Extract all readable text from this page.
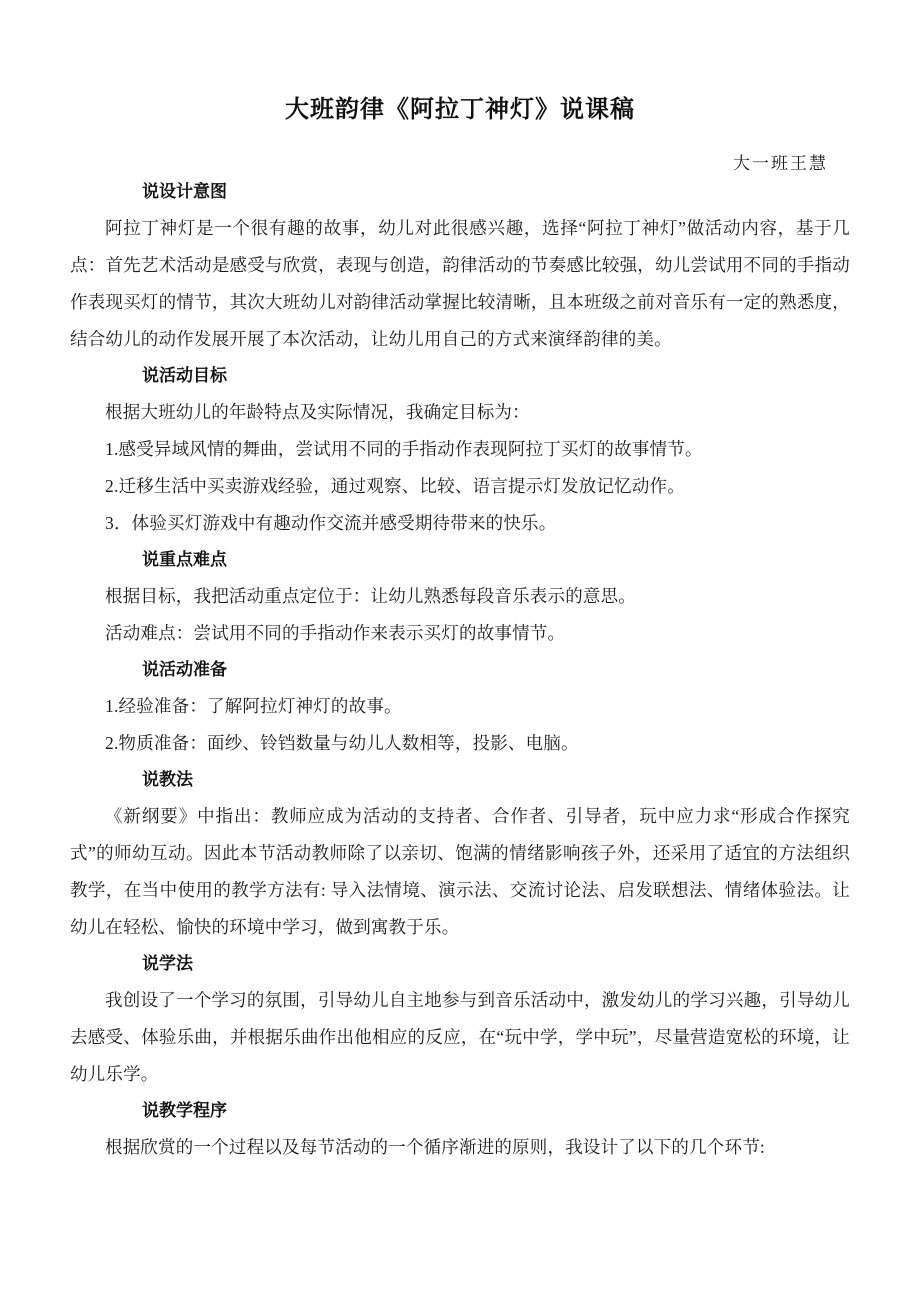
大班韵律《阿拉丁神灯》说课稿

大一班王慧

说设计意图

阿拉丁神灯是一个很有趣的故事，幼儿对此很感兴趣，选择“阿拉丁神灯”做活动内容，基于几点：首先艺术活动是感受与欣赏，表现与创造，韵律活动的节奏感比较强，幼儿尝试用不同的手指动作表现买灯的情节，其次大班幼儿对韵律活动掌握比较清晰，且本班级之前对音乐有一定的熟悉度，结合幼儿的动作发展开展了本次活动，让幼儿用自己的方式来演绎韵律的美。

说活动目标

根据大班幼儿的年龄特点及实际情况，我确定目标为：

1.感受异域风情的舞曲，尝试用不同的手指动作表现阿拉丁买灯的故事情节。

2.迁移生活中买卖游戏经验，通过观察、比较、语言提示灯发放记忆动作。

3．体验买灯游戏中有趣动作交流并感受期待带来的快乐。

说重点难点

根据目标，我把活动重点定位于：让幼儿熟悉每段音乐表示的意思。

活动难点：尝试用不同的手指动作来表示买灯的故事情节。

说活动准备

1.经验准备：了解阿拉灯神灯的故事。

2.物质准备：面纱、铃铛数量与幼儿人数相等，投影、电脑。

说教法

《新纲要》中指出：教师应成为活动的支持者、合作者、引导者，玩中应力求“形成合作探究式”的师幼互动。因此本节活动教师除了以亲切、饱满的情绪影响孩子外，还采用了适宜的方法组织教学，在当中使用的教学方法有: 导入法情境、演示法、交流讨论法、启发联想法、情绪体验法。让幼儿在轻松、愉快的环境中学习，做到寓教于乐。

说学法

我创设了一个学习的氛围，引导幼儿自主地参与到音乐活动中，激发幼儿的学习兴趣，引导幼儿去感受、体验乐曲，并根据乐曲作出他相应的反应，在“玩中学，学中玩”，尽量营造宽松的环境，让幼儿乐学。

说教学程序

根据欣赏的一个过程以及每节活动的一个循序渐进的原则，我设计了以下的几个环节:
